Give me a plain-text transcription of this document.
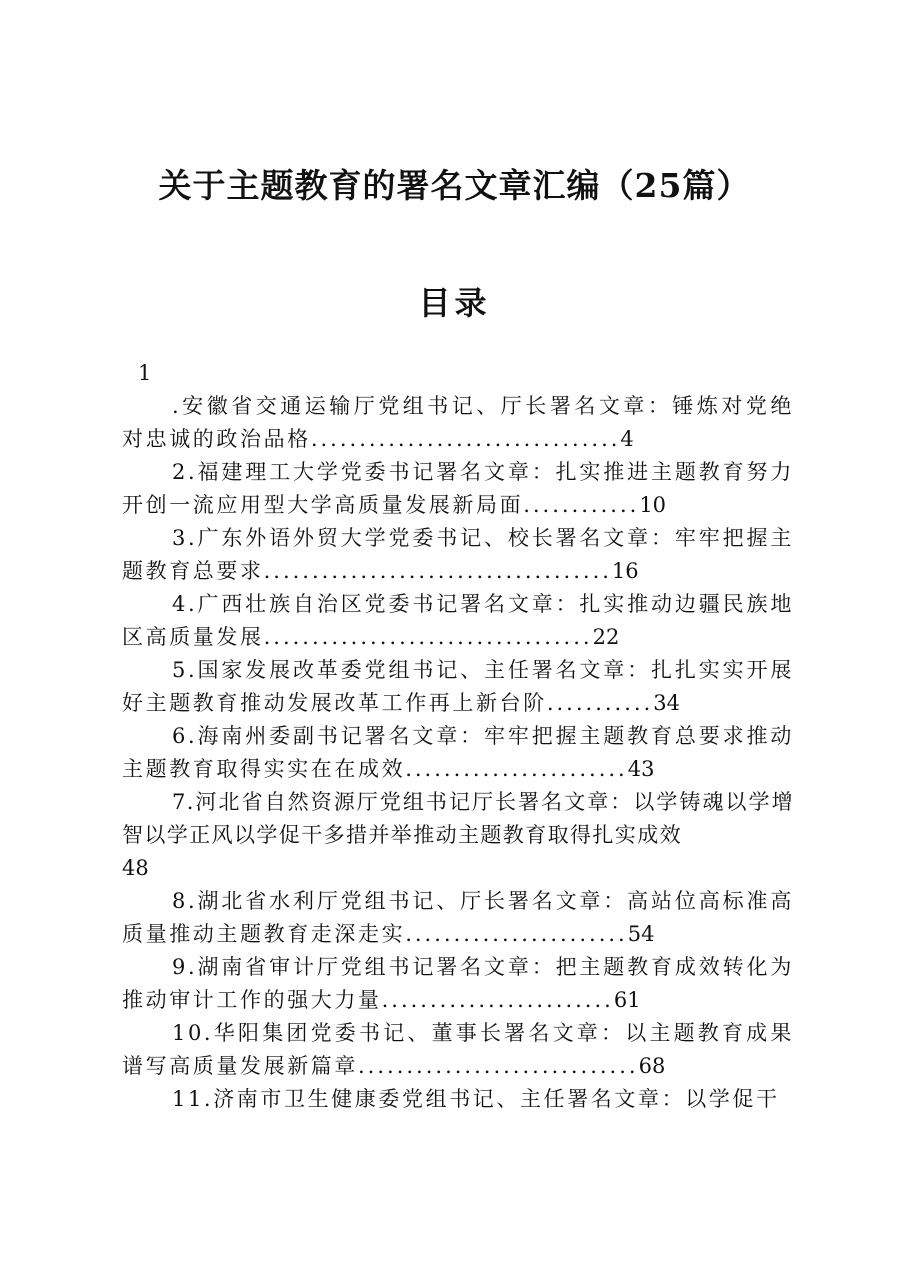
关于主题教育的署名文章汇编（25篇）
目录
1
.安徽省交通运输厅党组书记、厅长署名文章：锤炼对党绝对忠诚的政治品格................................4
2.福建理工大学党委书记署名文章：扎实推进主题教育努力开创一流应用型大学高质量发展新局面............10
3.广东外语外贸大学党委书记、校长署名文章：牢牢把握主题教育总要求....................................16
4.广西壮族自治区党委书记署名文章：扎实推动边疆民族地区高质量发展..................................22
5.国家发展改革委党组书记、主任署名文章：扎扎实实开展好主题教育推动发展改革工作再上新台阶...........34
6.海南州委副书记署名文章：牢牢把握主题教育总要求推动主题教育取得实实在在成效.......................43
7.河北省自然资源厅党组书记厅长署名文章：以学铸魂以学增智以学正风以学促干多措并举推动主题教育取得扎实成效
48
8.湖北省水利厅党组书记、厅长署名文章：高站位高标准高质量推动主题教育走深走实.......................54
9.湖南省审计厅党组书记署名文章：把主题教育成效转化为推动审计工作的强大力量........................61
10.华阳集团党委书记、董事长署名文章：以主题教育成果谱写高质量发展新篇章.............................68
11.济南市卫生健康委党组书记、主任署名文章：以学促干
